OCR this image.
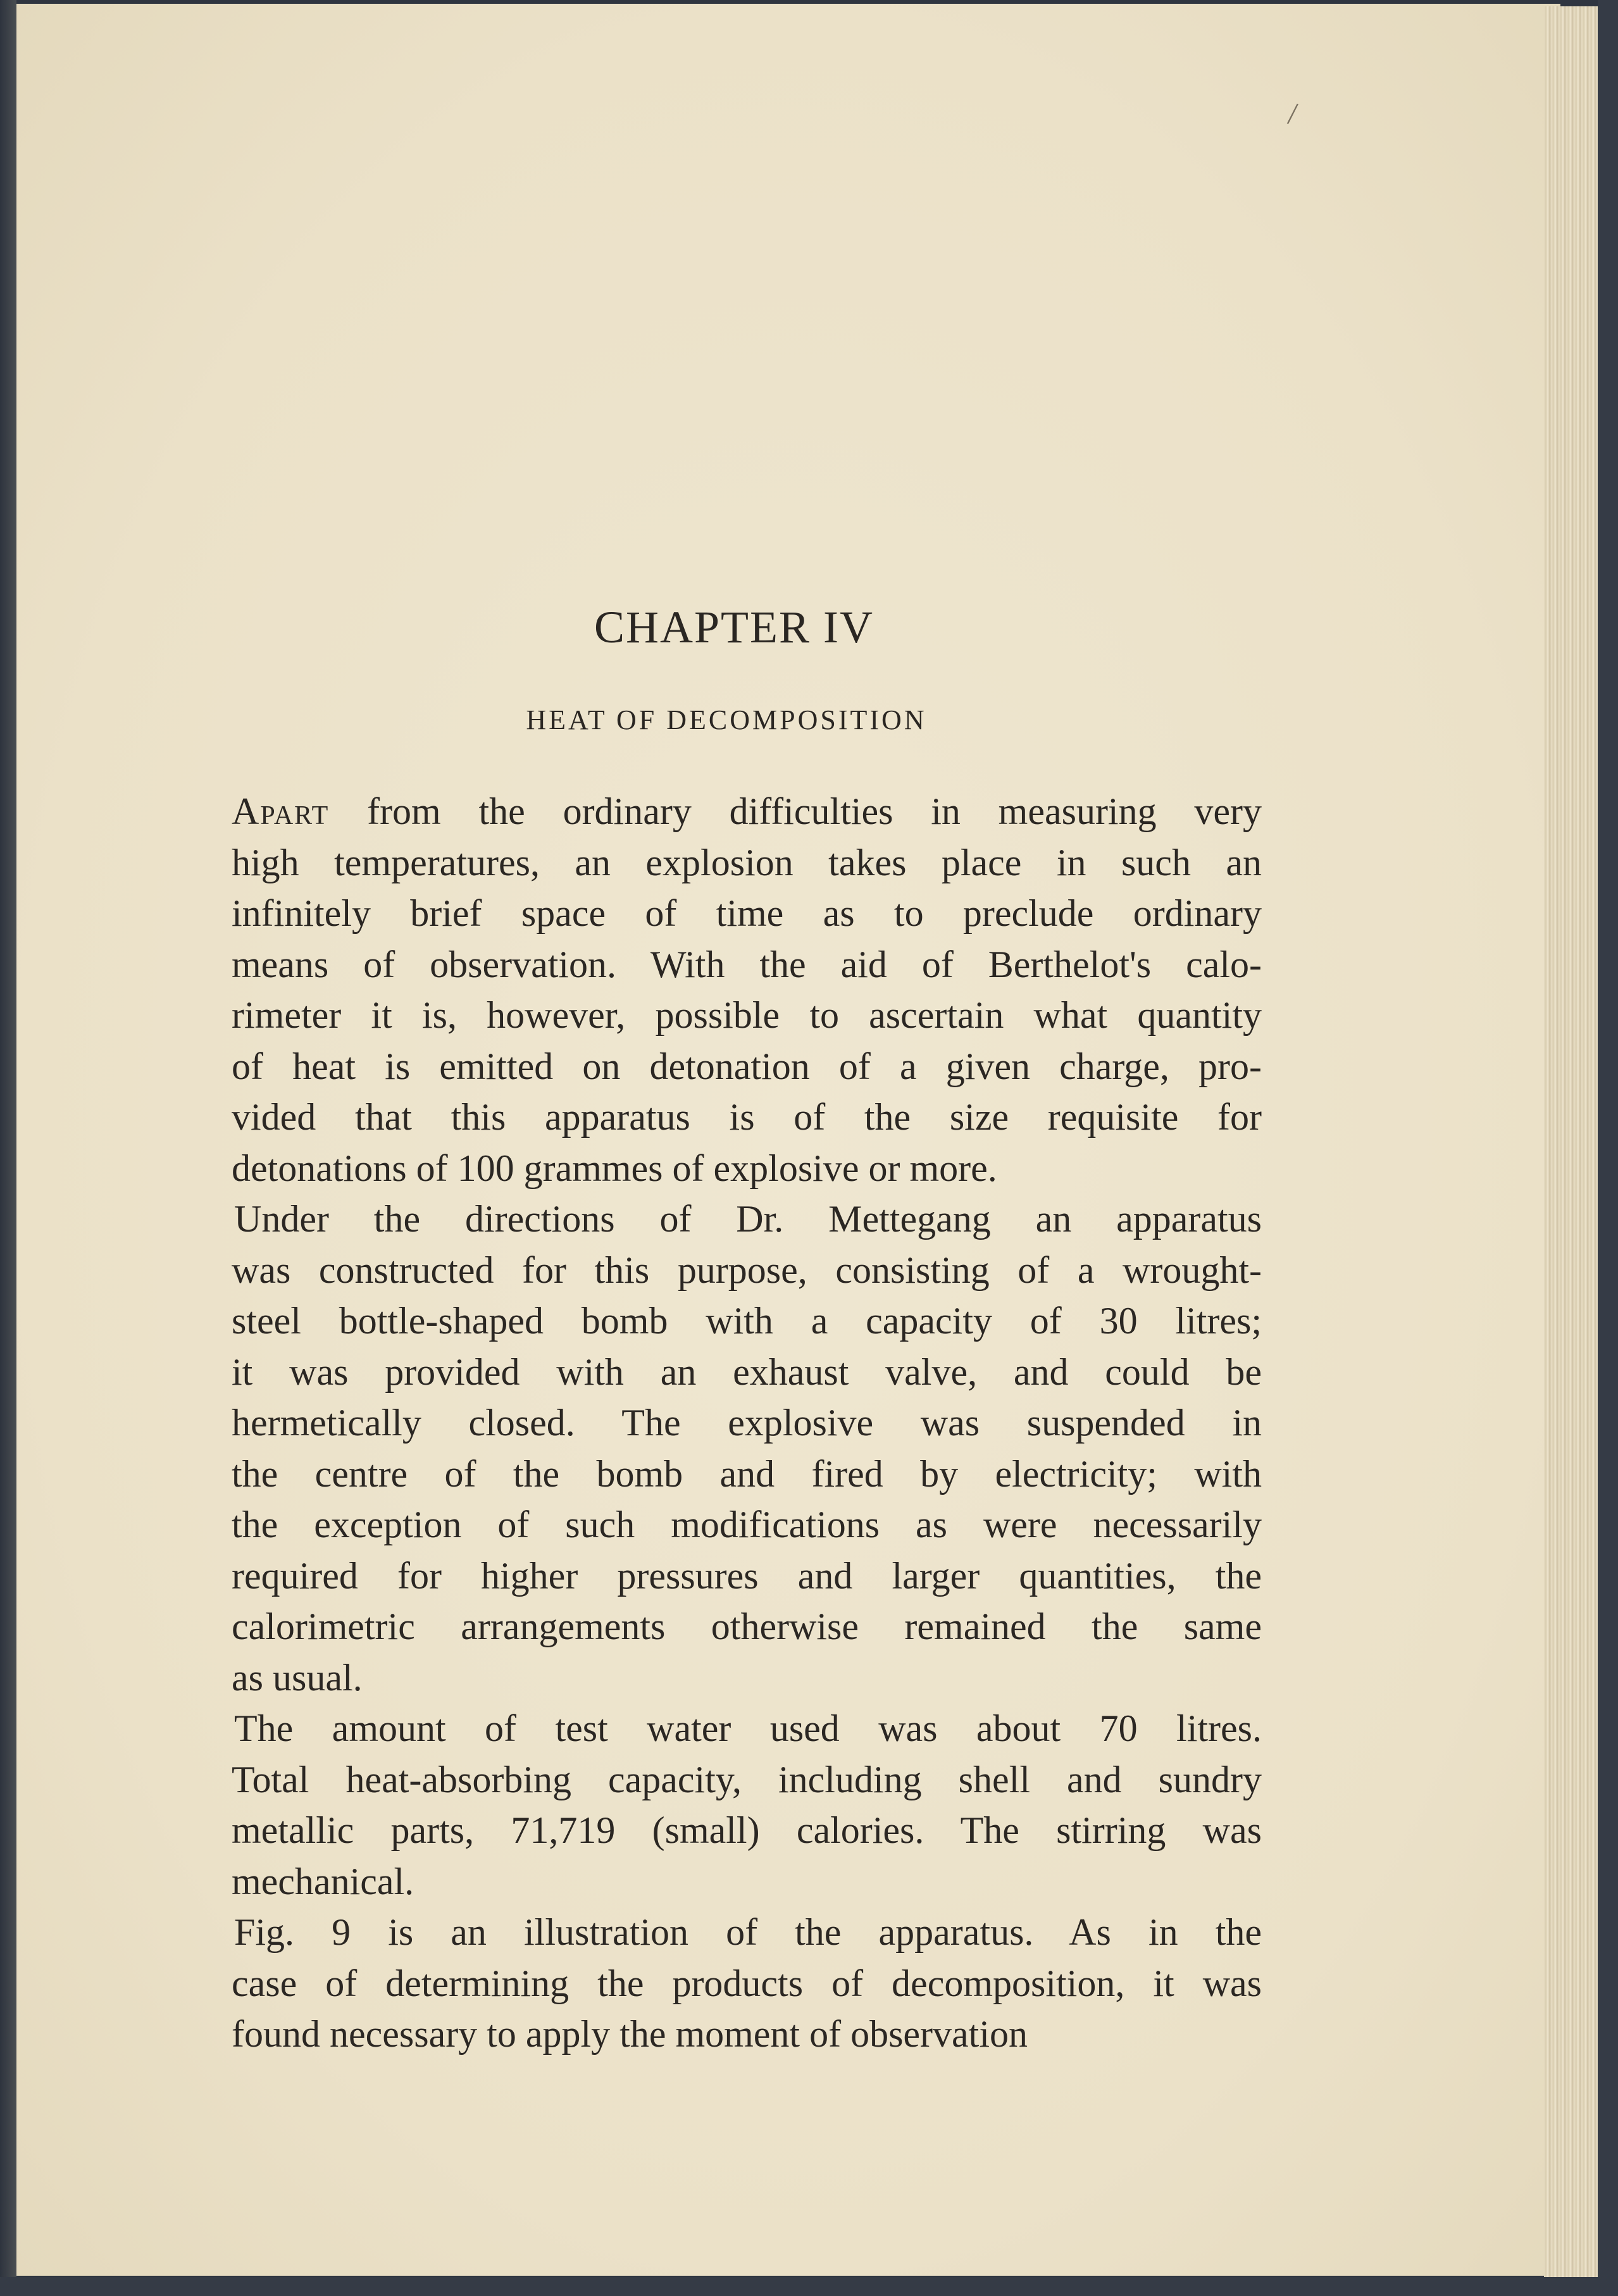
/
CHAPTER IV
HEAT OF DECOMPOSITION
Apart from the ordinary difficulties in measuring very
high temperatures, an explosion takes place in such an
infinitely brief space of time as to preclude ordinary
means of observation. With the aid of Berthelot's calo-
rimeter it is, however, possible to ascertain what quantity
of heat is emitted on detonation of a given charge, pro-
vided that this apparatus is of the size requisite for
detonations of 100 grammes of explosive or more.
Under the directions of Dr. Mettegang an apparatus
was constructed for this purpose, consisting of a wrought-
steel bottle-shaped bomb with a capacity of 30 litres;
it was provided with an exhaust valve, and could be
hermetically closed. The explosive was suspended in
the centre of the bomb and fired by electricity; with
the exception of such modifications as were necessarily
required for higher pressures and larger quantities, the
calorimetric arrangements otherwise remained the same
as usual.
The amount of test water used was about 70 litres.
Total heat-absorbing capacity, including shell and sundry
metallic parts, 71,719 (small) calories. The stirring was
mechanical.
Fig. 9 is an illustration of the apparatus. As in the
case of determining the products of decomposition, it was
found necessary to apply the moment of observation
